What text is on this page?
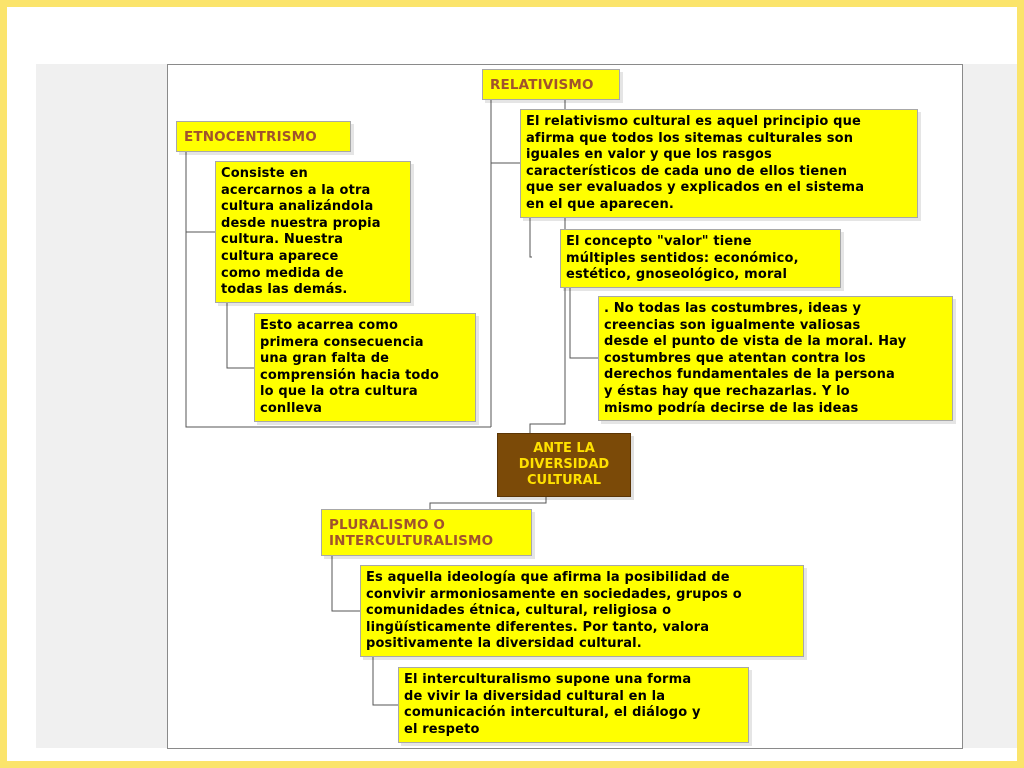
RELATIVISMO
El relativismo cultural es aquel principio que
afirma que todos los sitemas culturales son
iguales en valor y que los rasgos
característicos de cada uno de ellos tienen
que ser evaluados y explicados en el sistema
en el que aparecen.
El concepto "valor" tiene
múltiples sentidos: económico,
estético, gnoseológico, moral
. No todas las costumbres, ideas y
creencias son igualmente valiosas
desde el punto de vista de la moral. Hay
costumbres que atentan contra los
derechos fundamentales de la persona
y éstas hay que rechazarlas. Y lo
mismo podría decirse de las ideas
ETNOCENTRISMO
Consiste en
acercarnos a la otra
cultura analizándola
desde nuestra propia
cultura. Nuestra
cultura aparece
como medida de
todas las demás.
Esto acarrea como
primera consecuencia
una gran falta de
comprensión hacia todo
lo que la otra cultura
conlleva
ANTE LA
DIVERSIDAD
CULTURAL
PLURALISMO O
INTERCULTURALISMO
Es aquella ideología que afirma la posibilidad de
convivir armoniosamente en sociedades, grupos o
comunidades étnica, cultural, religiosa o
lingüísticamente diferentes. Por tanto, valora
positivamente la diversidad cultural.
El interculturalismo supone una forma
de vivir la diversidad cultural en la
comunicación intercultural, el diálogo y
el respeto
